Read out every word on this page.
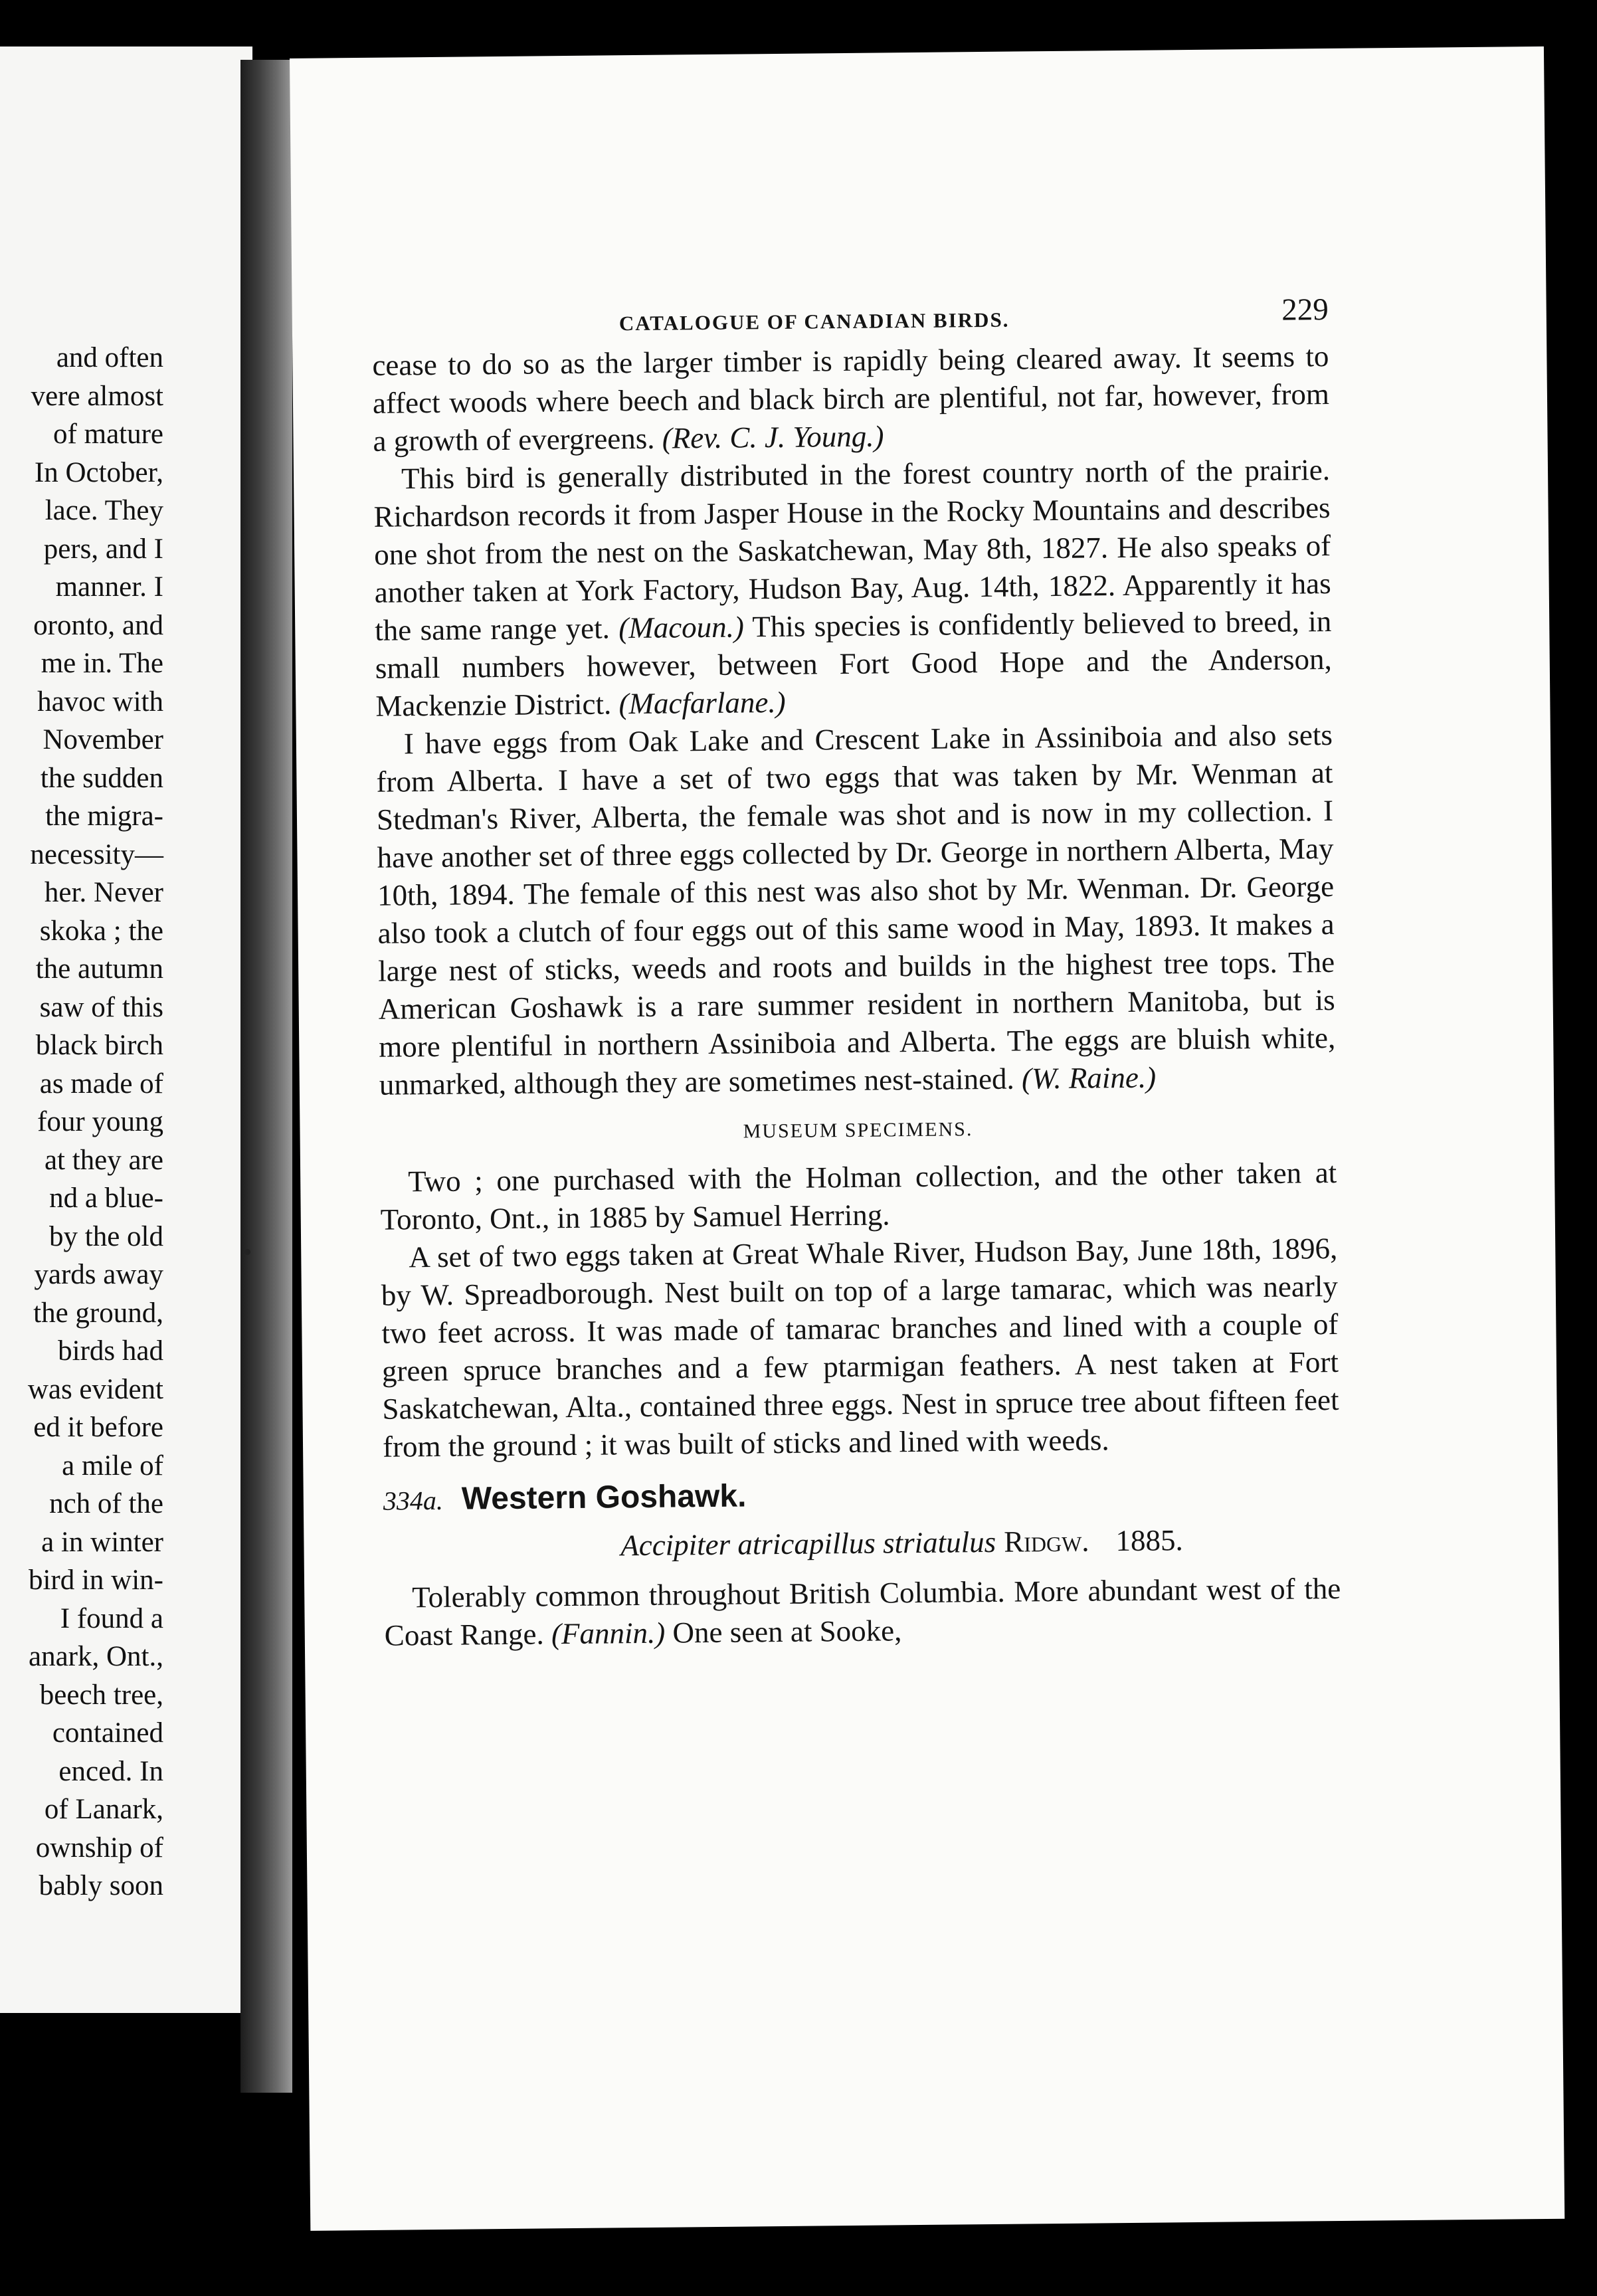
and often
vere almost
of mature
In October,
lace. They
pers, and I
manner. I
oronto, and
me in. The
havoc with
November
the sudden
the migra-
necessity—
her. Never
skoka ; the
the autumn
saw of this
black birch
as made of
four young
at they are
nd a blue-
by the old
yards away
the ground,
birds had
was evident
ed it before
a mile of
nch of the
a in winter
bird in win-
I found a
anark, Ont.,
beech tree,
contained
enced. In
of Lanark,
ownship of
bably soon
CATALOGUE OF CANADIAN BIRDS.	229

cease to do so as the larger timber is rapidly being cleared away. It seems to affect woods where beech and black birch are plentiful, not far, however, from a growth of evergreens. (Rev. C. J. Young.)

This bird is generally distributed in the forest country north of the prairie. Richardson records it from Jasper House in the Rocky Mountains and describes one shot from the nest on the Saskatchewan, May 8th, 1827. He also speaks of another taken at York Factory, Hudson Bay, Aug. 14th, 1822. Apparently it has the same range yet. (Macoun.) This species is confidently believed to breed, in small numbers however, between Fort Good Hope and the Anderson, Mackenzie District. (Macfarlane.)

I have eggs from Oak Lake and Crescent Lake in Assiniboia and also sets from Alberta. I have a set of two eggs that was taken by Mr. Wenman at Stedman's River, Alberta, the female was shot and is now in my collection. I have another set of three eggs collected by Dr. George in northern Alberta, May 10th, 1894. The female of this nest was also shot by Mr. Wenman. Dr. George also took a clutch of four eggs out of this same wood in May, 1893. It makes a large nest of sticks, weeds and roots and builds in the highest tree tops. The American Goshawk is a rare summer resident in northern Manitoba, but is more plentiful in northern Assiniboia and Alberta. The eggs are bluish white, unmarked, although they are sometimes nest-stained. (W. Raine.)

MUSEUM SPECIMENS.

Two ; one purchased with the Holman collection, and the other taken at Toronto, Ont., in 1885 by Samuel Herring.

A set of two eggs taken at Great Whale River, Hudson Bay, June 18th, 1896, by W. Spreadborough. Nest built on top of a large tamarac, which was nearly two feet across. It was made of tamarac branches and lined with a couple of green spruce branches and a few ptarmigan feathers. A nest taken at Fort Saskatchewan, Alta., contained three eggs. Nest in spruce tree about fifteen feet from the ground ; it was built of sticks and lined with weeds.

334a. Western Goshawk.
Accipiter atricapillus striatulus Ridgw. 1885.

Tolerably common throughout British Columbia. More abundant west of the Coast Range. (Fannin.) One seen at Sooke,
